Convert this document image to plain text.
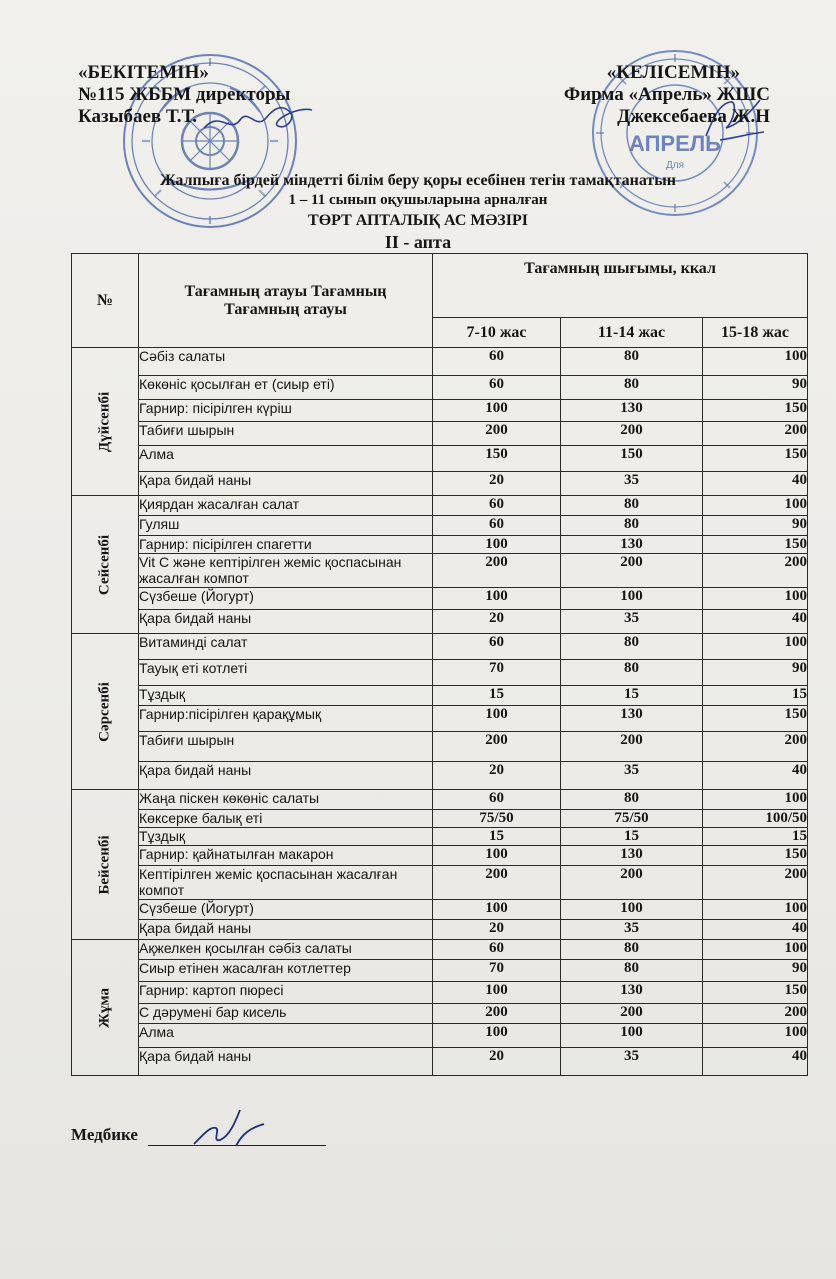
АПРЕЛЬ
Для
«БЕКІТЕМІН»
№115 ЖББМ директоры
Казыбаев Т.Т.
«КЕЛІСЕМІН»
Фирма «Апрель» ЖШС
Джексебаева Ж.Н
Жалпыға бірдей міндетті білім беру қоры есебінен тегін тамақтанатын
1 – 11 сынып оқушыларына арналған
ТӨРТ АПТАЛЫҚ АС МӘЗІРІ
II - апта
№	Тағамның атауы Тағамның Тағамның атауы	Тағамның шығымы, ккал		
		7-10 жас	11-14 жас	15-18 жас

Дүйсенбі	Сәбіз салаты	60	80	100
	Көкөніс қосылған ет (сиыр еті)	60	80	90
	Гарнир: пісірілген күріш	100	130	150
	Табиғи шырын	200	200	200
	Алма	150	150	150
	Қара бидай наны	20	35	40

Сейсенбі	Қиярдан жасалған салат	60	80	100
	Гуляш	60	80	90
	Гарнир: пісірілген спагетти	100	130	150
	Vit C және кептірілген жеміс қоспасынан жасалған компот	200	200	200
	Сүзбеше (Йогурт)	100	100	100
	Қара бидай наны	20	35	40

Сәрсенбі	Витаминді салат	60	80	100
	Тауық еті котлеті	70	80	90
	Тұздық	15	15	15
	Гарнир:пісірілген қарақұмық	100	130	150
	Табиғи шырын	200	200	200
	Қара бидай наны	20	35	40

Бейсенбі	Жаңа піскен көкөніс салаты	60	80	100
	Көксерке балық еті	75/50	75/50	100/50
	Тұздық	15	15	15
	Гарнир: қайнатылған макарон	100	130	150
	Кептірілген жеміс қоспасынан жасалған компот	200	200	200
	Сүзбеше (Йогурт)	100	100	100
	Қара бидай наны	20	35	40

Жұма	Ақжелкен қосылған сәбіз салаты	60	80	100
	Сиыр етінен жасалған котлеттер	70	80	90
	Гарнир: картоп пюресі	100	130	150
	С дәрумені бар кисель	200	200	200
	Алма	100	100	100
	Қара бидай наны	20	35	40
Медбике
